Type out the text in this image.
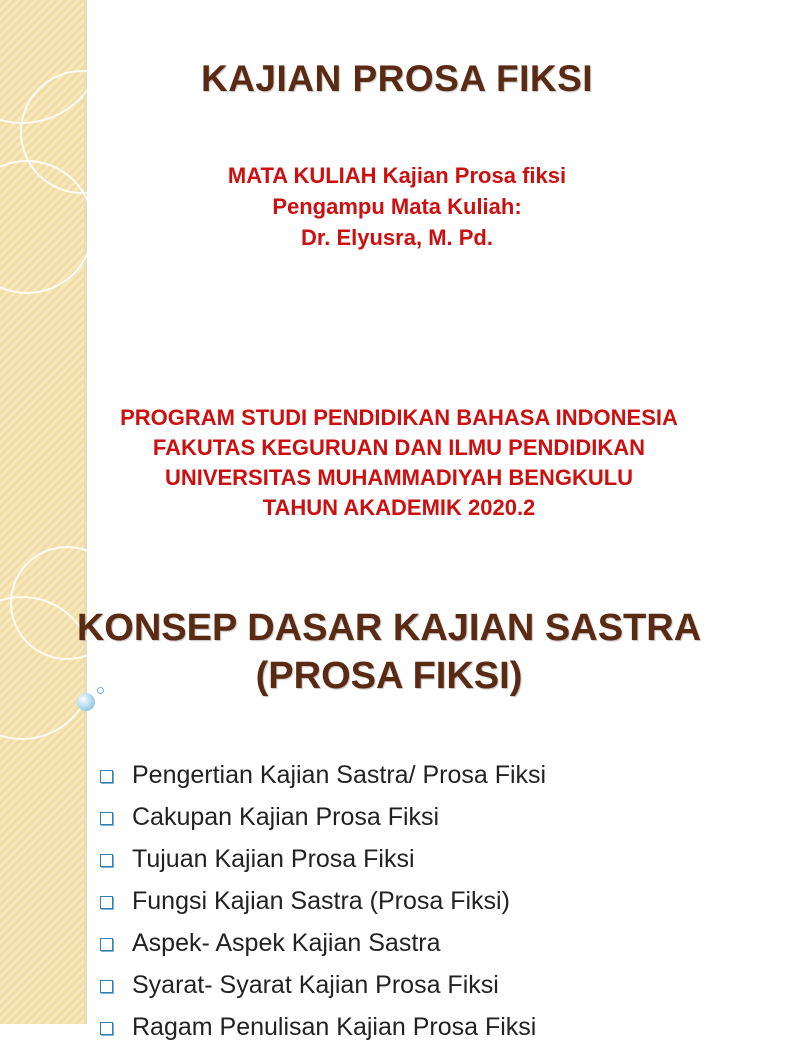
KAJIAN PROSA FIKSI
MATA KULIAH Kajian Prosa fiksi
Pengampu Mata Kuliah:
Dr. Elyusra, M. Pd.
PROGRAM STUDI PENDIDIKAN BAHASA INDONESIA
FAKUTAS KEGURUAN DAN ILMU PENDIDIKAN
UNIVERSITAS MUHAMMADIYAH BENGKULU
TAHUN AKADEMIK 2020.2
KONSEP DASAR KAJIAN SASTRA
(PROSA FIKSI)
Pengertian Kajian Sastra/ Prosa Fiksi
Cakupan Kajian Prosa Fiksi
Tujuan Kajian Prosa Fiksi
Fungsi Kajian Sastra (Prosa Fiksi)
Aspek- Aspek Kajian Sastra
Syarat- Syarat Kajian Prosa Fiksi
Ragam Penulisan Kajian Prosa Fiksi
